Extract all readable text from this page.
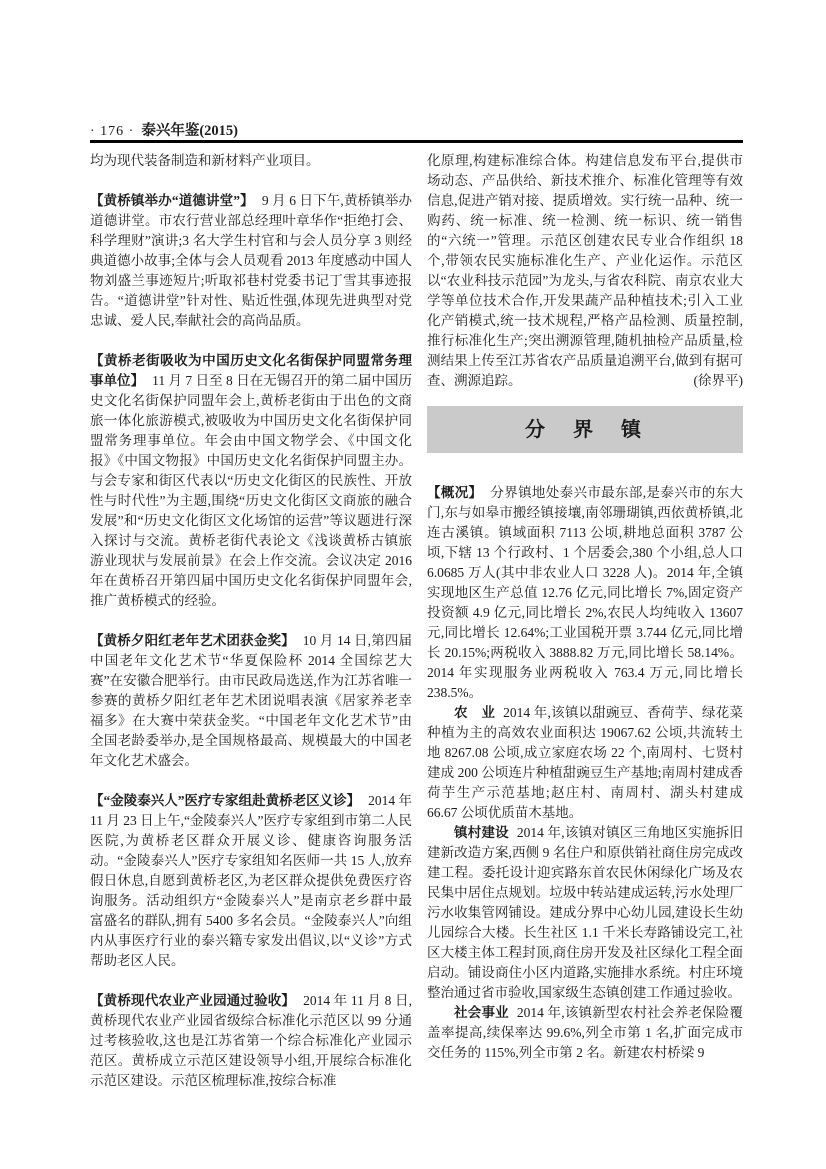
· 176 · 泰兴年鉴(2015)

均为现代装备制造和新材料产业项目。

【黄桥镇举办“道德讲堂”】 9 月 6 日下午,黄桥镇举办道德讲堂。市农行营业部总经理叶章华作“拒绝打会、科学理财”演讲;3 名大学生村官和与会人员分享 3 则经典道德小故事;全体与会人员观看 2013 年度感动中国人物刘盛兰事迹短片;听取祁巷村党委书记丁雪其事迹报告。“道德讲堂”针对性、贴近性强,体现先进典型对党忠诚、爱人民,奉献社会的高尚品质。

【黄桥老街吸收为中国历史文化名街保护同盟常务理事单位】 11 月 7 日至 8 日在无锡召开的第二届中国历史文化名街保护同盟年会上,黄桥老街由于出色的文商旅一体化旅游模式,被吸收为中国历史文化名街保护同盟常务理事单位。年会由中国文物学会、《中国文化报》《中国文物报》中国历史文化名街保护同盟主办。与会专家和街区代表以“历史文化街区的民族性、开放性与时代性”为主题,围绕“历史文化街区文商旅的融合发展”和“历史文化街区文化场馆的运营”等议题进行深入探讨与交流。黄桥老街代表论文《浅谈黄桥古镇旅游业现状与发展前景》在会上作交流。会议决定 2016 年在黄桥召开第四届中国历史文化名街保护同盟年会,推广黄桥模式的经验。

【黄桥夕阳红老年艺术团获金奖】 10 月 14 日,第四届中国老年文化艺术节“华夏保险杯 2014 全国综艺大赛”在安徽合肥举行。由市民政局选送,作为江苏省唯一参赛的黄桥夕阳红老年艺术团说唱表演《居家养老幸福多》在大赛中荣获金奖。“中国老年文化艺术节”由全国老龄委举办,是全国规格最高、规模最大的中国老年文化艺术盛会。

【“金陵泰兴人”医疗专家组赴黄桥老区义诊】 2014 年 11 月 23 日上午,“金陵泰兴人”医疗专家组到市第二人民医院,为黄桥老区群众开展义诊、健康咨询服务活动。“金陵泰兴人”医疗专家组知名医师一共 15 人,放弃假日休息,自愿到黄桥老区,为老区群众提供免费医疗咨询服务。活动组织方“金陵泰兴人”是南京老乡群中最富盛名的群队,拥有 5400 多名会员。“金陵泰兴人”向组内从事医疗行业的泰兴籍专家发出倡议,以“义诊”方式帮助老区人民。

【黄桥现代农业产业园通过验收】 2014 年 11 月 8 日,黄桥现代农业产业园省级综合标准化示范区以 99 分通过考核验收,这也是江苏省第一个综合标准化产业园示范区。黄桥成立示范区建设领导小组,开展综合标准化示范区建设。示范区梳理标准,按综合标准

化原理,构建标准综合体。构建信息发布平台,提供市场动态、产品供给、新技术推介、标准化管理等有效信息,促进产销对接、提质增效。实行统一品种、统一购药、统一标准、统一检测、统一标识、统一销售的“六统一”管理。示范区创建农民专业合作组织 18 个,带领农民实施标准化生产、产业化运作。示范区以“农业科技示范园”为龙头,与省农科院、南京农业大学等单位技术合作,开发果蔬产品种植技术;引入工业化产销模式,统一技术规程,严格产品检测、质量控制,推行标准化生产;突出溯源管理,随机抽检产品质量,检测结果上传至江苏省农产品质量追溯平台,做到有据可查、溯源追踪。	(徐界平)

分　界　镇

【概况】 分界镇地处泰兴市最东部,是泰兴市的东大门,东与如皋市搬经镇接壤,南邻珊瑚镇,西依黄桥镇,北连古溪镇。镇域面积 7113 公顷,耕地总面积 3787 公顷,下辖 13 个行政村、1 个居委会,380 个小组,总人口 6.0685 万人(其中非农业人口 3228 人)。2014 年,全镇实现地区生产总值 12.76 亿元,同比增长 7%,固定资产投资额 4.9 亿元,同比增长 2%,农民人均纯收入 13607 元,同比增长 12.64%;工业国税开票 3.744 亿元,同比增长 20.15%;两税收入 3888.82 万元,同比增长 58.14%。2014 年实现服务业两税收入 763.4 万元,同比增长 238.5%。

农　业 2014 年,该镇以甜豌豆、香荷芋、绿花菜种植为主的高效农业面积达 19067.62 公顷,共流转土地 8267.08 公顷,成立家庭农场 22 个,南周村、七贤村建成 200 公顷连片种植甜豌豆生产基地;南周村建成香荷芋生产示范基地;赵庄村、南周村、湖头村建成 66.67 公顷优质苗木基地。

镇村建设 2014 年,该镇对镇区三角地区实施拆旧建新改造方案,西侧 9 名住户和原供销社商住房完成改建工程。委托设计迎宾路东首农民休闲绿化广场及农民集中居住点规划。垃圾中转站建成运转,污水处理厂污水收集管网铺设。建成分界中心幼儿园,建设长生幼儿园综合大楼。长生社区 1.1 千米长寿路铺设完工,社区大楼主体工程封顶,商住房开发及社区绿化工程全面启动。铺设商住小区内道路,实施排水系统。村庄环境整治通过省市验收,国家级生态镇创建工作通过验收。

社会事业 2014 年,该镇新型农村社会养老保险覆盖率提高,续保率达 99.6%,列全市第 1 名,扩面完成市交任务的 115%,列全市第 2 名。新建农村桥梁 9
